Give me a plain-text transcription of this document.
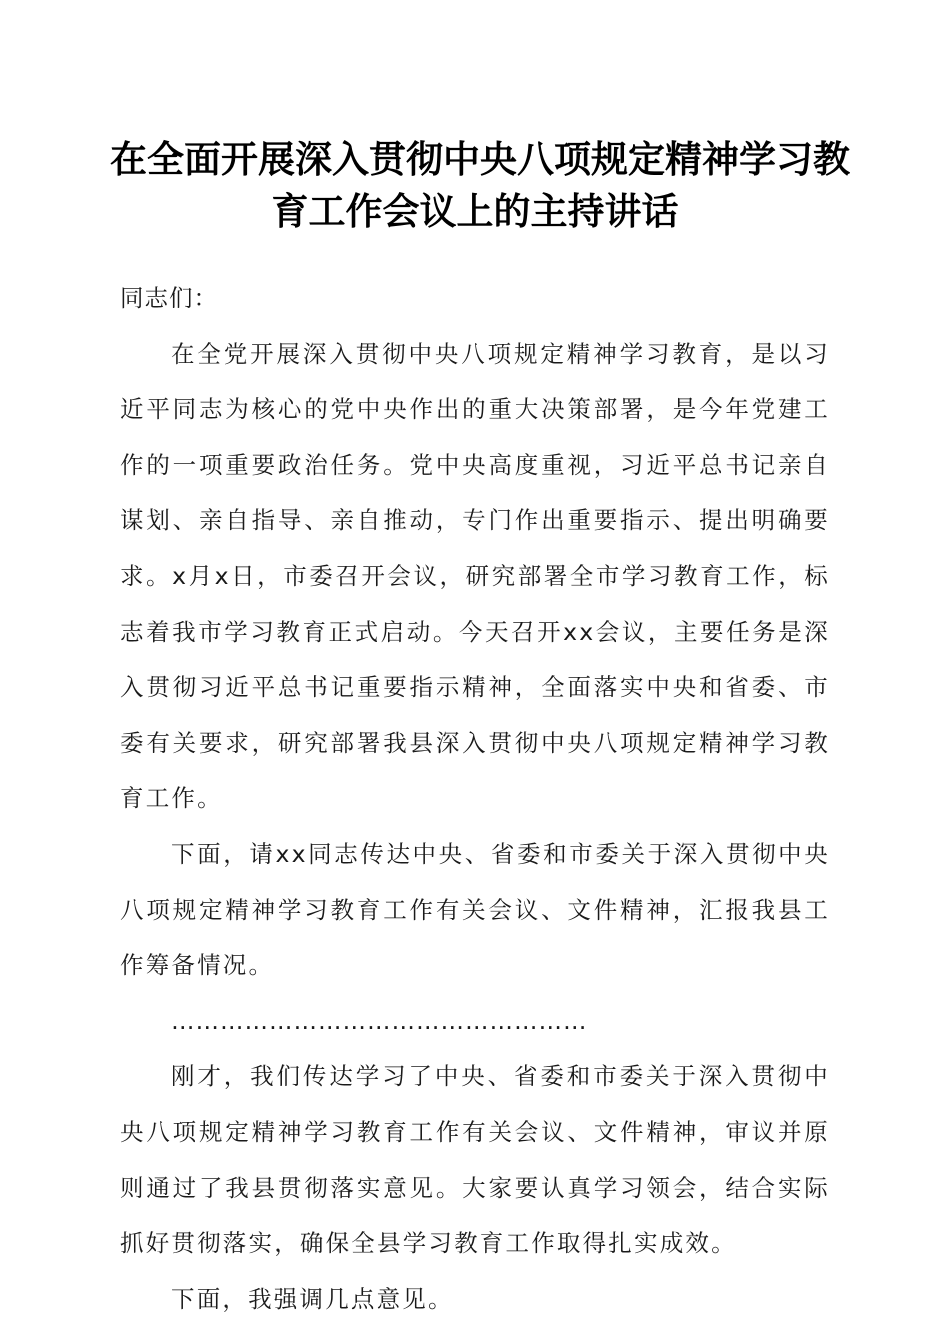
在全面开展深入贯彻中央八项规定精神学习教
育工作会议上的主持讲话

同志们：

在全党开展深入贯彻中央八项规定精神学习教育，是以习近平同志为核心的党中央作出的重大决策部署，是今年党建工作的一项重要政治任务。党中央高度重视，习近平总书记亲自谋划、亲自指导、亲自推动，专门作出重要指示、提出明确要求。x月x日，市委召开会议，研究部署全市学习教育工作，标志着我市学习教育正式启动。今天召开xx会议，主要任务是深入贯彻习近平总书记重要指示精神，全面落实中央和省委、市委有关要求，研究部署我县深入贯彻中央八项规定精神学习教育工作。

下面，请xx同志传达中央、省委和市委关于深入贯彻中央八项规定精神学习教育工作有关会议、文件精神，汇报我县工作筹备情况。

……………………………………………

刚才，我们传达学习了中央、省委和市委关于深入贯彻中央八项规定精神学习教育工作有关会议、文件精神，审议并原则通过了我县贯彻落实意见。大家要认真学习领会，结合实际抓好贯彻落实，确保全县学习教育工作取得扎实成效。

下面，我强调几点意见。
